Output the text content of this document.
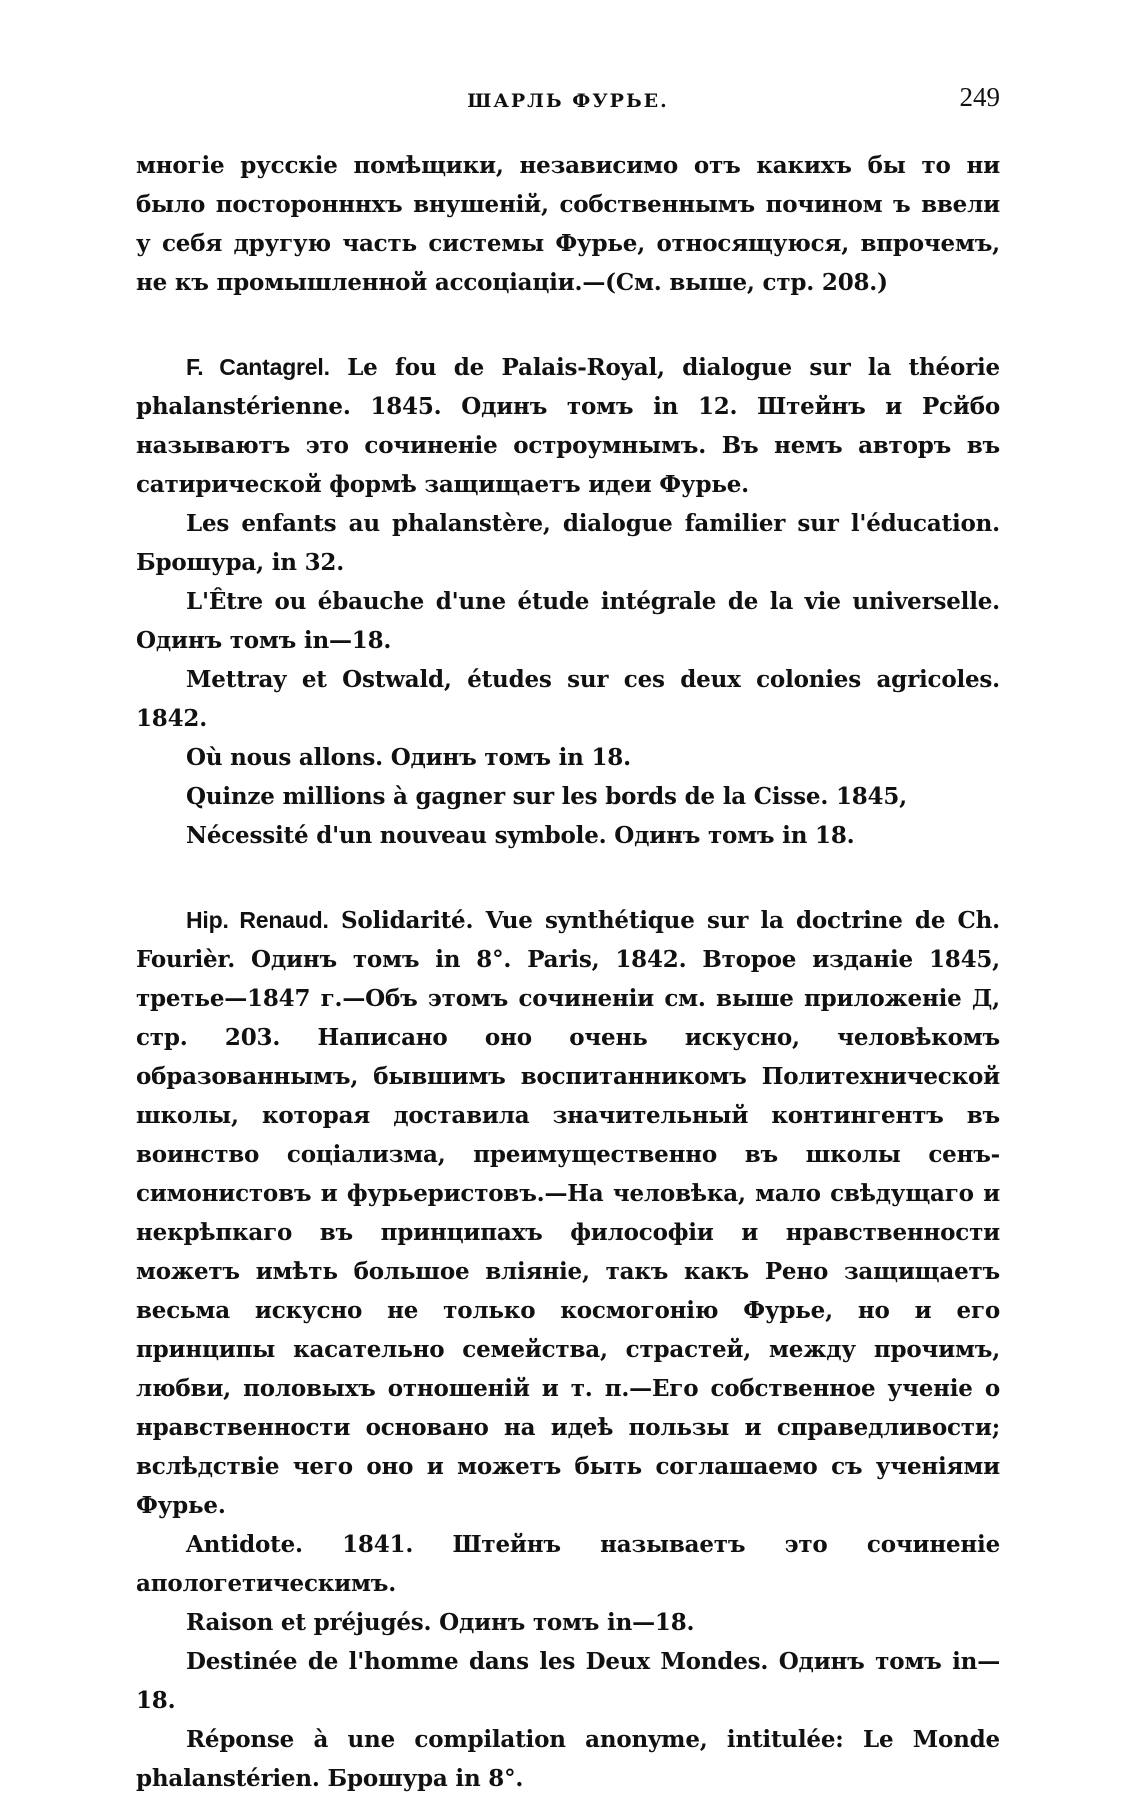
ШАРЛЬ ФУРЬЕ.	249

многіе русскіе помѣщики, независимо отъ какихъ бы то ни было посторонннхъ внушеній, собственнымъ почином ъ ввели у себя другую часть системы Фурье, относящуюся, впрочемъ, не къ промышленной ассоціаціи.—(См. выше, стр. 208.)

F. Cantagrel. Le fou de Palais-Royal, dialogue sur la théorie phalanstérienne. 1845. Одинъ томъ in 12. Штейнъ и Рсйбо называютъ это сочиненіе остроумнымъ. Въ немъ авторъ въ сатирической формѣ защищаетъ идеи Фурье.

Les enfants au phalanstère, dialogue familier sur l'éducation. Брошура, in 32.

L'Être ou ébauche d'une étude intégrale de la vie universelle. Одинъ томъ in—18.

Mettray et Ostwald, études sur ces deux colonies agricoles. 1842.

Où nous allons. Одинъ томъ in 18.

Quinze millions à gagner sur les bords de la Cisse. 1845,

Nécessité d'un nouveau symbole. Одинъ томъ in 18.

Hip. Renaud. Solidarité. Vue synthétique sur la doctrine de Ch. Fourièr. Одинъ томъ in 8°. Paris, 1842. Второе изданіе 1845, третье—1847 г.—Объ этомъ сочиненіи см. выше приложеніе Д, стр. 203. Написано оно очень искусно, человѣкомъ образованнымъ, бывшимъ воспитанникомъ Политехнической школы, которая доставила значительный контингентъ въ воинство соціализма, преимущественно въ школы сенъ-симонистовъ и фурьеристовъ.—На человѣка, мало свѣдущаго и некрѣпкаго въ принципахъ философіи и нравственности можетъ имѣть большое вліяніе, такъ какъ Рено защищаетъ весьма искусно не только космогонію Фурье, но и его принципы касательно семейства, страстей, между прочимъ, любви, половыхъ отношеній и т. п.—Его собственное ученіе о нравственности основано на идеѣ пользы и справедливости; вслѣдствіе чего оно и можетъ быть соглашаемо съ ученіями Фурье.

Antidote. 1841. Штейнъ называетъ это сочиненіе апологетическимъ.

Raison et préjugés. Одинъ томъ in—18.

Destinée de l'homme dans les Deux Mondes. Одинъ томъ in—18.

Réponse à une compilation anonyme, intitulée: Le Monde phalanstérien. Брошура in 8°.
